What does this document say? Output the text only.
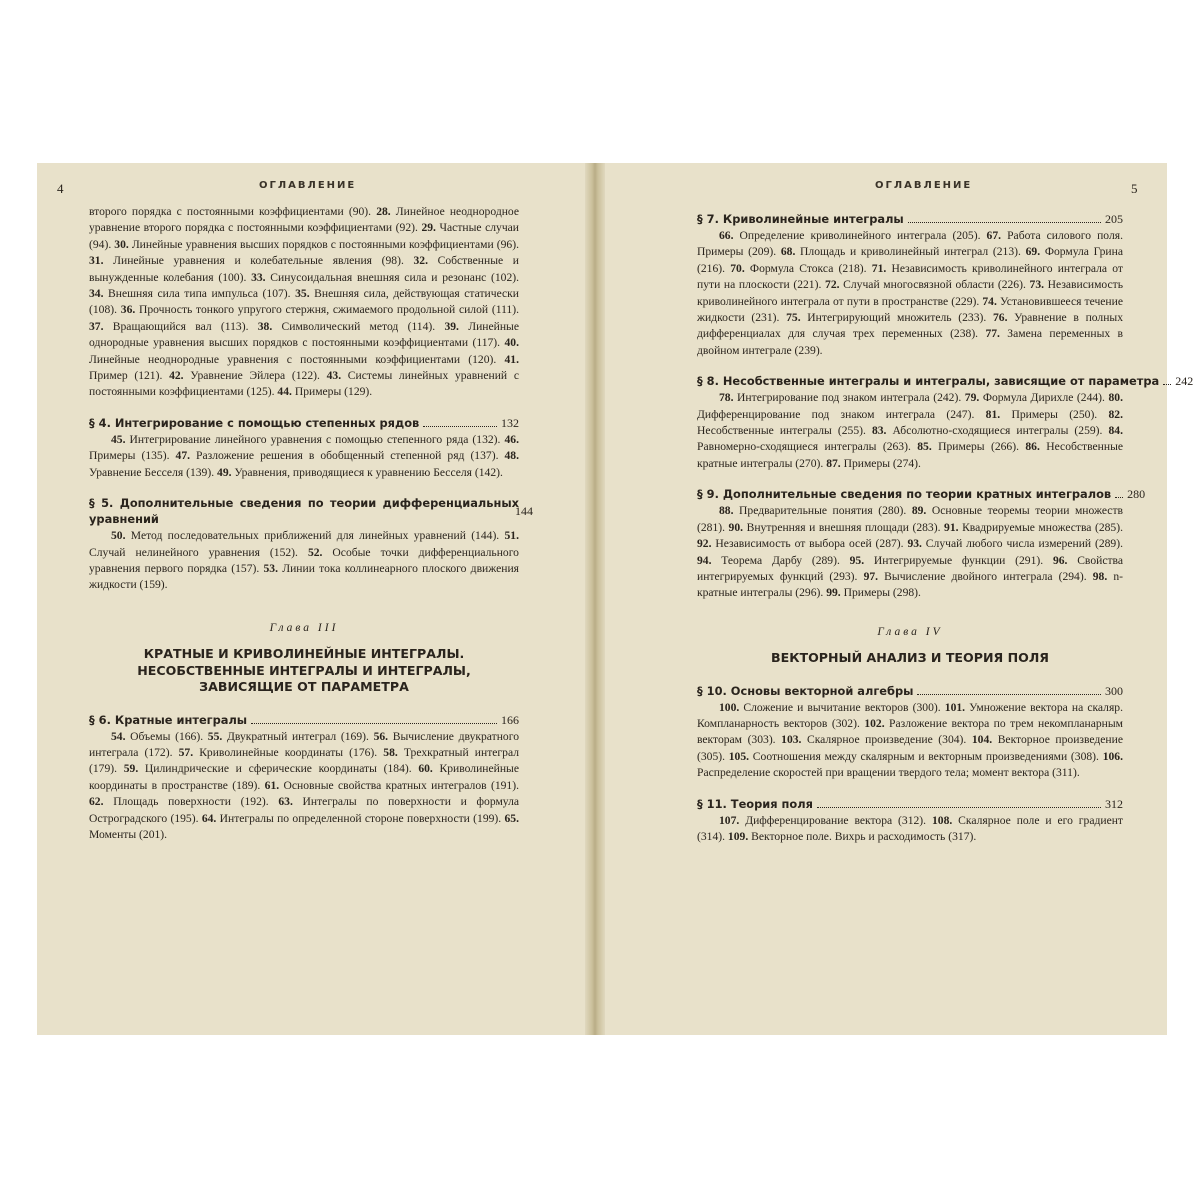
4	ОГЛАВЛЕНИЕ
второго порядка с постоянными коэффициентами (90). 28. Линейное неоднородное уравнение второго порядка с постоянными коэффициентами (92). 29. Частные случаи (94). 30. Линейные уравнения высших порядков с постоянными коэффициентами (96). 31. Линейные уравнения и колебательные явления (98). 32. Собственные и вынужденные колебания (100). 33. Синусоидальная внешняя сила и резонанс (102). 34. Внешняя сила типа импульса (107). 35. Внешняя сила, действующая статически (108). 36. Прочность тонкого упругого стержня, сжимаемого продольной силой (111). 37. Вращающийся вал (113). 38. Символический метод (114). 39. Линейные однородные уравнения высших порядков с постоянными коэффициентами (117). 40. Линейные неоднородные уравнения с постоянными коэффициентами (120). 41. Пример (121). 42. Уравнение Эйлера (122). 43. Системы линейных уравнений с постоянными коэффициентами (125). 44. Примеры (129).
§ 4. Интегрирование с помощью степенных рядов	132
45. Интегрирование линейного уравнения с помощью степенного ряда (132). 46. Примеры (135). 47. Разложение решения в обобщенный степенной ряд (137). 48. Уравнение Бесселя (139). 49. Уравнения, приводящиеся к уравнению Бесселя (142).
§ 5. Дополнительные сведения по теории дифференциальных уравнений
144
50. Метод последовательных приближений для линейных уравнений (144). 51. Случай нелинейного уравнения (152). 52. Особые точки дифференциального уравнения первого порядка (157). 53. Линии тока коллинеарного плоского движения жидкости (159).
Глава III
КРАТНЫЕ И КРИВОЛИНЕЙНЫЕ ИНТЕГРАЛЫ.
НЕСОБСТВЕННЫЕ ИНТЕГРАЛЫ И ИНТЕГРАЛЫ,
ЗАВИСЯЩИЕ ОТ ПАРАМЕТРА
§ 6. Кратные интегралы	166
54. Объемы (166). 55. Двукратный интеграл (169). 56. Вычисление двукратного интеграла (172). 57. Криволинейные координаты (176). 58. Трехкратный интеграл (179). 59. Цилиндрические и сферические координаты (184). 60. Криволинейные координаты в пространстве (189). 61. Основные свойства кратных интегралов (191). 62. Площадь поверхности (192). 63. Интегралы по поверхности и формула Остроградского (195). 64. Интегралы по определенной стороне поверхности (199). 65. Моменты (201).
ОГЛАВЛЕНИЕ	5
§ 7. Криволинейные интегралы	205
66. Определение криволинейного интеграла (205). 67. Работа силового поля. Примеры (209). 68. Площадь и криволинейный интеграл (213). 69. Формула Грина (216). 70. Формула Стокса (218). 71. Независимость криволинейного интеграла от пути на плоскости (221). 72. Случай многосвязной области (226). 73. Независимость криволинейного интеграла от пути в пространстве (229). 74. Установившееся течение жидкости (231). 75. Интегрирующий множитель (233). 76. Уравнение в полных дифференциалах для случая трех переменных (238). 77. Замена переменных в двойном интеграле (239).
§ 8. Несобственные интегралы и интегралы, зависящие от параметра 242
78. Интегрирование под знаком интеграла (242). 79. Формула Дирихле (244). 80. Дифференцирование под знаком интеграла (247). 81. Примеры (250). 82. Несобственные интегралы (255). 83. Абсолютно-сходящиеся интегралы (259). 84. Равномерно-сходящиеся интегралы (263). 85. Примеры (266). 86. Несобственные кратные интегралы (270). 87. Примеры (274).
§ 9. Дополнительные сведения по теории кратных интегралов 280
88. Предварительные понятия (280). 89. Основные теоремы теории множеств (281). 90. Внутренняя и внешняя площади (283). 91. Квадрируемые множества (285). 92. Независимость от выбора осей (287). 93. Случай любого числа измерений (289). 94. Теорема Дарбу (289). 95. Интегрируемые функции (291). 96. Свойства интегрируемых функций (293). 97. Вычисление двойного интеграла (294). 98. n-кратные интегралы (296). 99. Примеры (298).
Глава IV
ВЕКТОРНЫЙ АНАЛИЗ И ТЕОРИЯ ПОЛЯ
§ 10. Основы векторной алгебры	300
100. Сложение и вычитание векторов (300). 101. Умножение вектора на скаляр. Компланарность векторов (302). 102. Разложение вектора по трем некомпланарным векторам (303). 103. Скалярное произведение (304). 104. Векторное произведение (305). 105. Соотношения между скалярным и векторным произведениями (308). 106. Распределение скоростей при вращении твердого тела; момент вектора (311).
§ 11. Теория поля	312
107. Дифференцирование вектора (312). 108. Скалярное поле и его градиент (314). 109. Векторное поле. Вихрь и расходимость (317).
